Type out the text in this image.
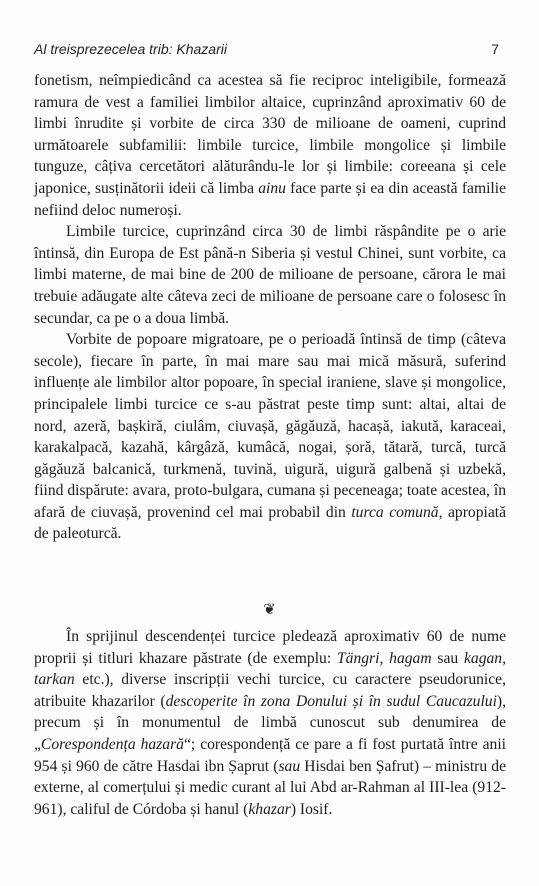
Al treisprezecelea trib: Khazarii	7

fonetism, neîmpiedicând ca acestea să fie reciproc inteligibile, formează ramura de vest a familiei limbilor altaice, cuprinzând aproximativ 60 de limbi înrudite și vorbite de circa 330 de milioane de oameni, cuprind următoarele subfamilii: limbile turcice, limbile mongolice și limbile tunguze, câțiva cercetători alăturându-le lor și limbile: coreeana și cele japonice, susținătorii ideii că limba ainu face parte și ea din această familie nefiind deloc numeroși.

Limbile turcice, cuprinzând circa 30 de limbi răspândite pe o arie întinsă, din Europa de Est până-n Siberia și vestul Chinei, sunt vorbite, ca limbi materne, de mai bine de 200 de milioane de persoane, cărora le mai trebuie adăugate alte câteva zeci de milioane de persoane care o folosesc în secundar, ca pe o a doua limbă.

Vorbite de popoare migratoare, pe o perioadă întinsă de timp (câteva secole), fiecare în parte, în mai mare sau mai mică măsură, suferind influențe ale limbilor altor popoare, în special iraniene, slave și mongolice, principalele limbi turcice ce s-au păstrat peste timp sunt: altai, altai de nord, azeră, bașkiră, ciulâm, ciuvașă, găgăuză, hacașă, iakută, karaceai, karakalpacă, kazahă, kârgâză, kumâcă, nogai, șoră, tătară, turcă, turcă găgăuză balcanică, turkmenă, tuvină, uigură, uigură galbenă și uzbekă, fiind dispărute: avara, proto-bulgara, cumana și peceneaga; toate acestea, în afară de ciuvașă, provenind cel mai probabil din turca comună, apropiată de paleoturcă.

❦

În sprijinul descendenței turcice pledează aproximativ 60 de nume proprii și titluri khazare păstrate (de exemplu: Tängri, hagam sau kagan, tarkan etc.), diverse inscripții vechi turcice, cu caractere pseudorunice, atribuite khazarilor (descoperite în zona Donului și în sudul Caucazului), precum și în monumentul de limbă cunoscut sub denumirea de „Corespondența hazară“; corespondență ce pare a fi fost purtată între anii 954 și 960 de către Hasdai ibn Șaprut (sau Hisdai ben Șafrut) – ministru de externe, al comerțului și medic curant al lui Abd ar-Rahman al III-lea (912-961), califul de Córdoba și hanul (khazar) Iosif.
